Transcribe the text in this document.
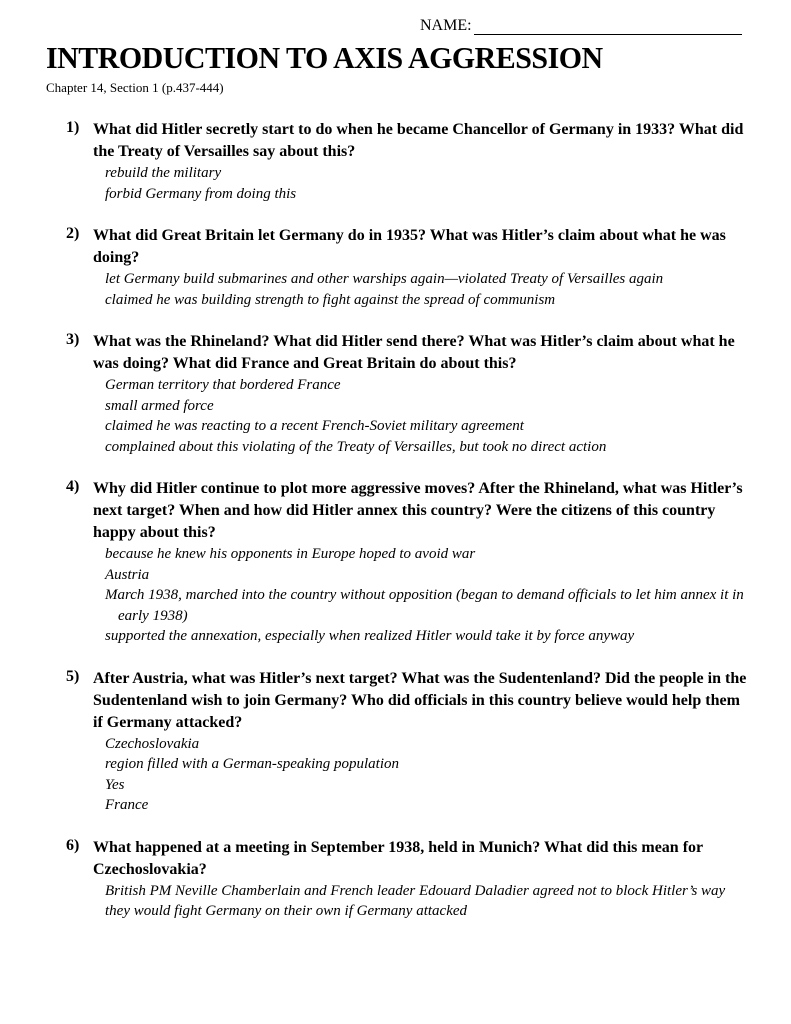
NAME:
INTRODUCTION TO AXIS AGGRESSION
Chapter 14, Section 1 (p.437-444)
1) What did Hitler secretly start to do when he became Chancellor of Germany in 1933? What did the Treaty of Versailles say about this?
rebuild the military
forbid Germany from doing this
2) What did Great Britain let Germany do in 1935? What was Hitler’s claim about what he was doing?
let Germany build submarines and other warships again—violated Treaty of Versailles again
claimed he was building strength to fight against the spread of communism
3) What was the Rhineland? What did Hitler send there? What was Hitler’s claim about what he was doing? What did France and Great Britain do about this?
German territory that bordered France
small armed force
claimed he was reacting to a recent French-Soviet military agreement
complained about this violating of the Treaty of Versailles, but took no direct action
4) Why did Hitler continue to plot more aggressive moves? After the Rhineland, what was Hitler’s next target? When and how did Hitler annex this country? Were the citizens of this country happy about this?
because he knew his opponents in Europe hoped to avoid war
Austria
March 1938, marched into the country without opposition (began to demand officials to let him annex it in early 1938)
supported the annexation, especially when realized Hitler would take it by force anyway
5) After Austria, what was Hitler’s next target? What was the Sudentenland? Did the people in the Sudentenland wish to join Germany? Who did officials in this country believe would help them if Germany attacked?
Czechoslovakia
region filled with a German-speaking population
Yes
France
6) What happened at a meeting in September 1938, held in Munich? What did this mean for Czechoslovakia?
British PM Neville Chamberlain and French leader Edouard Daladier agreed not to block Hitler’s way
they would fight Germany on their own if Germany attacked
